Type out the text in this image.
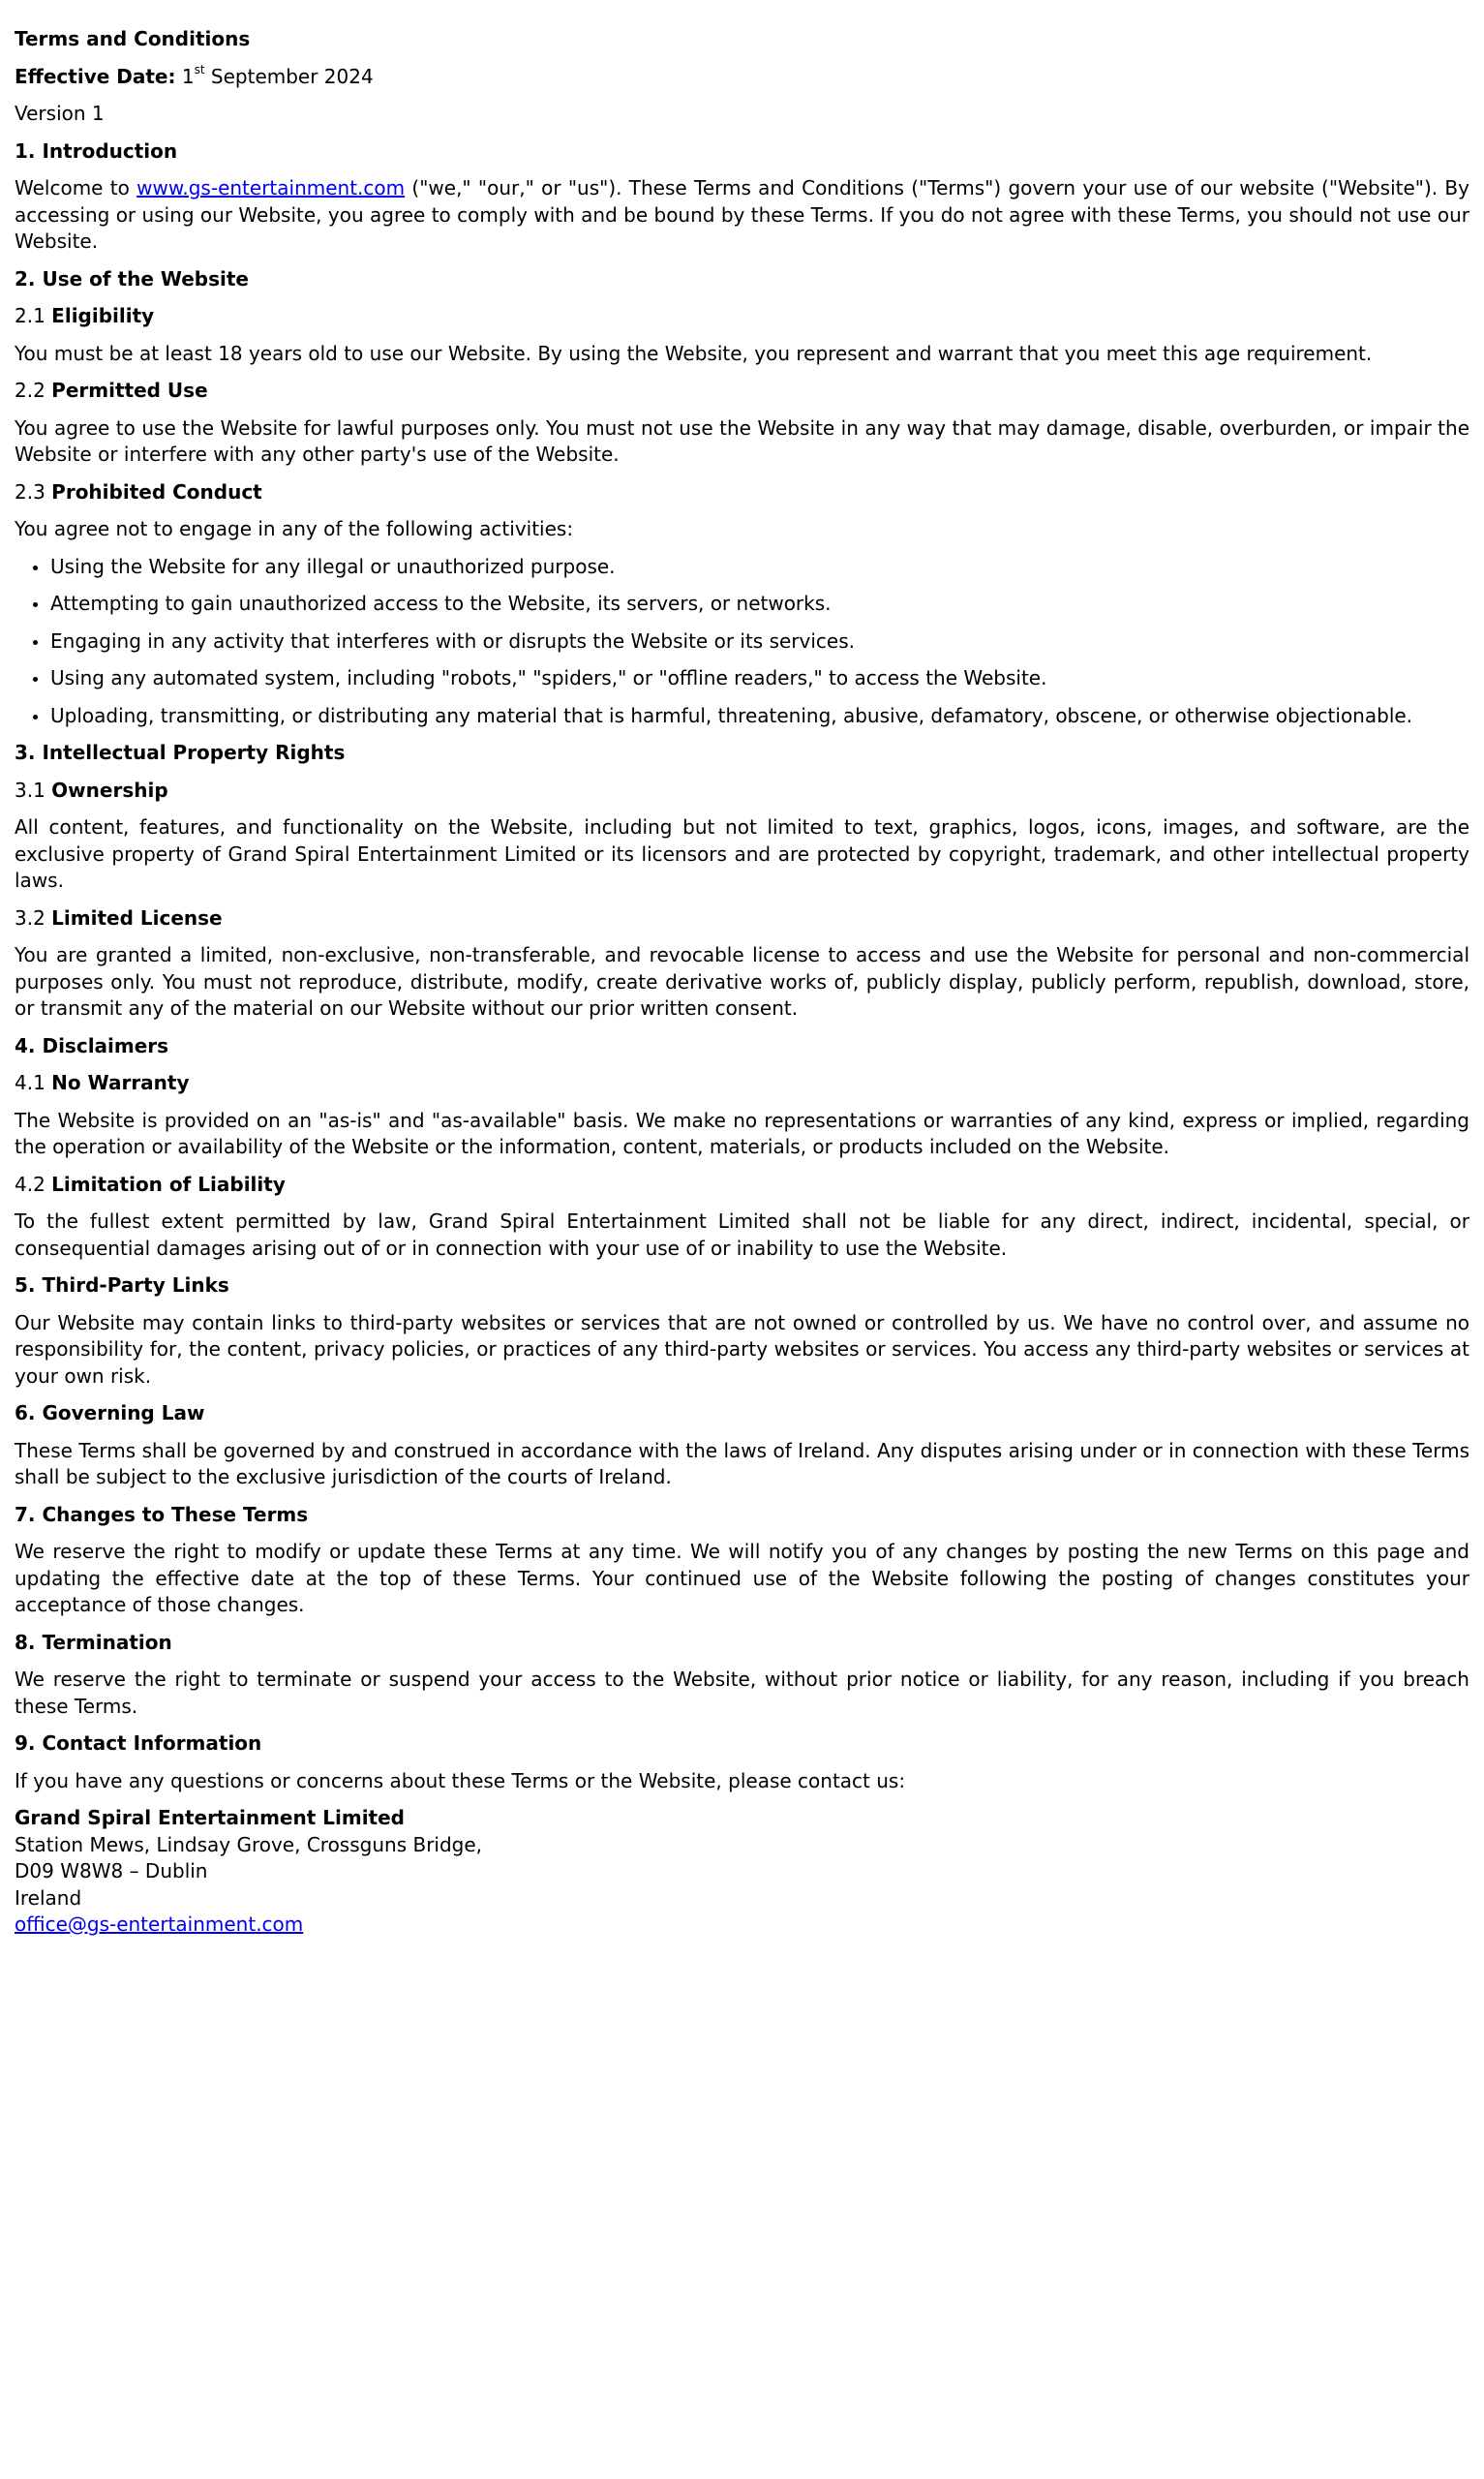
Terms and Conditions
Effective Date: 1st September 2024
Version 1
1. Introduction
Welcome to www.gs-entertainment.com ("we," "our," or "us"). These Terms and Conditions ("Terms") govern your use of our website ("Website"). By accessing or using our Website, you agree to comply with and be bound by these Terms. If you do not agree with these Terms, you should not use our Website.
2. Use of the Website
2.1 Eligibility
You must be at least 18 years old to use our Website. By using the Website, you represent and warrant that you meet this age requirement.
2.2 Permitted Use
You agree to use the Website for lawful purposes only. You must not use the Website in any way that may damage, disable, overburden, or impair the Website or interfere with any other party's use of the Website.
2.3 Prohibited Conduct
You agree not to engage in any of the following activities:
Using the Website for any illegal or unauthorized purpose.
Attempting to gain unauthorized access to the Website, its servers, or networks.
Engaging in any activity that interferes with or disrupts the Website or its services.
Using any automated system, including "robots," "spiders," or "offline readers," to access the Website.
Uploading, transmitting, or distributing any material that is harmful, threatening, abusive, defamatory, obscene, or otherwise objectionable.
3. Intellectual Property Rights
3.1 Ownership
All content, features, and functionality on the Website, including but not limited to text, graphics, logos, icons, images, and software, are the exclusive property of Grand Spiral Entertainment Limited or its licensors and are protected by copyright, trademark, and other intellectual property laws.
3.2 Limited License
You are granted a limited, non-exclusive, non-transferable, and revocable license to access and use the Website for personal and non-commercial purposes only. You must not reproduce, distribute, modify, create derivative works of, publicly display, publicly perform, republish, download, store, or transmit any of the material on our Website without our prior written consent.
4. Disclaimers
4.1 No Warranty
The Website is provided on an "as-is" and "as-available" basis. We make no representations or warranties of any kind, express or implied, regarding the operation or availability of the Website or the information, content, materials, or products included on the Website.
4.2 Limitation of Liability
To the fullest extent permitted by law, Grand Spiral Entertainment Limited shall not be liable for any direct, indirect, incidental, special, or consequential damages arising out of or in connection with your use of or inability to use the Website.
5. Third-Party Links
Our Website may contain links to third-party websites or services that are not owned or controlled by us. We have no control over, and assume no responsibility for, the content, privacy policies, or practices of any third-party websites or services. You access any third-party websites or services at your own risk.
6. Governing Law
These Terms shall be governed by and construed in accordance with the laws of Ireland. Any disputes arising under or in connection with these Terms shall be subject to the exclusive jurisdiction of the courts of Ireland.
7. Changes to These Terms
We reserve the right to modify or update these Terms at any time. We will notify you of any changes by posting the new Terms on this page and updating the effective date at the top of these Terms. Your continued use of the Website following the posting of changes constitutes your acceptance of those changes.
8. Termination
We reserve the right to terminate or suspend your access to the Website, without prior notice or liability, for any reason, including if you breach these Terms.
9. Contact Information
If you have any questions or concerns about these Terms or the Website, please contact us:
Grand Spiral Entertainment Limited
Station Mews, Lindsay Grove, Crossguns Bridge,
D09 W8W8 – Dublin
Ireland
office@gs-entertainment.com
